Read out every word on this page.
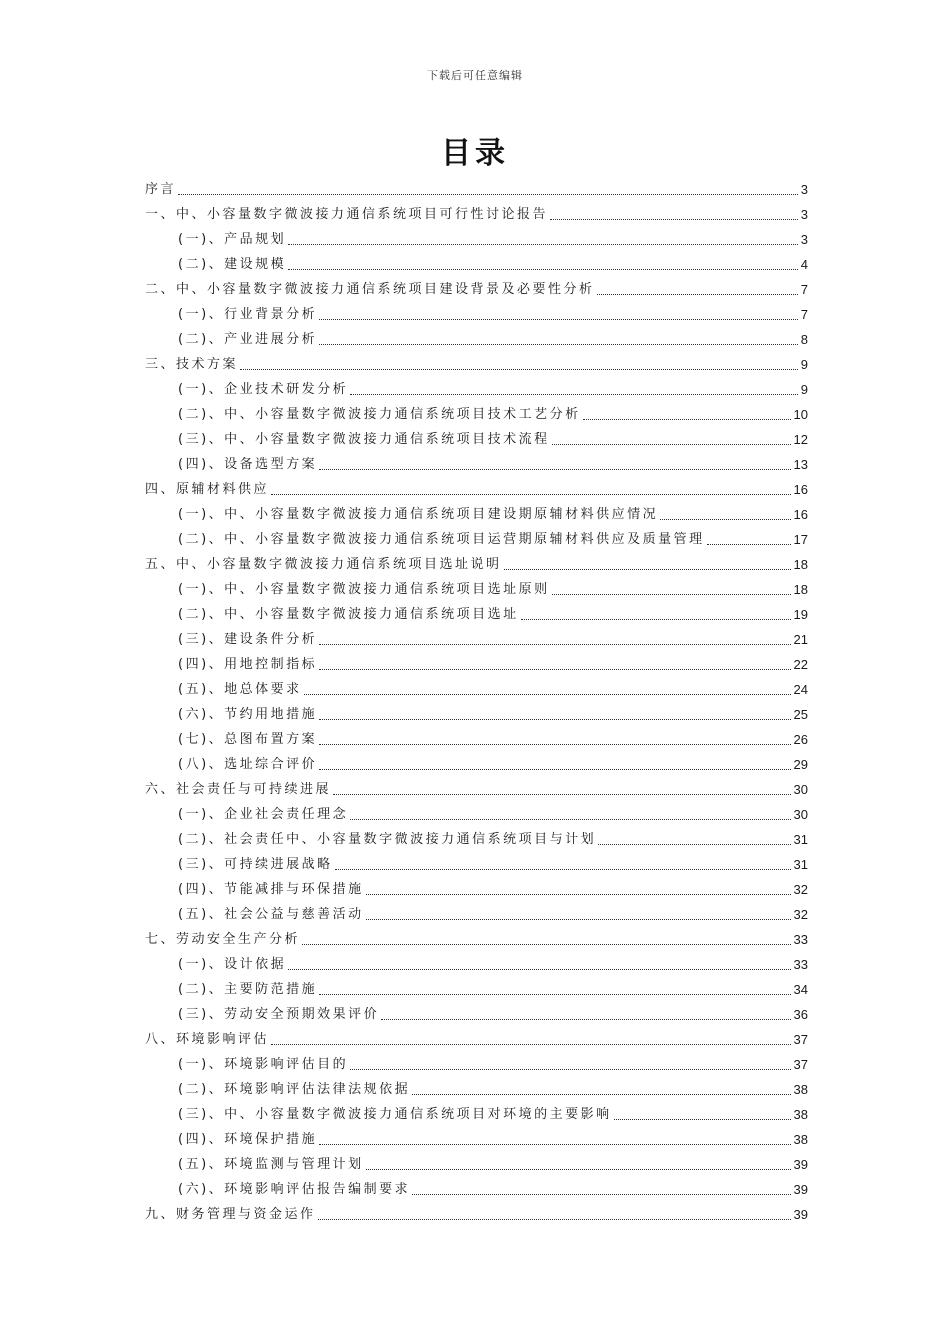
下载后可任意编辑
目录
序言	3
一、中、小容量数字微波接力通信系统项目可行性讨论报告	3
(一)、产品规划	3
(二)、建设规模	4
二、中、小容量数字微波接力通信系统项目建设背景及必要性分析	7
(一)、行业背景分析	7
(二)、产业进展分析	8
三、技术方案	9
(一)、企业技术研发分析	9
(二)、中、小容量数字微波接力通信系统项目技术工艺分析	10
(三)、中、小容量数字微波接力通信系统项目技术流程	12
(四)、设备选型方案	13
四、原辅材料供应	16
(一)、中、小容量数字微波接力通信系统项目建设期原辅材料供应情况	16
(二)、中、小容量数字微波接力通信系统项目运营期原辅材料供应及质量管理	17
五、中、小容量数字微波接力通信系统项目选址说明	18
(一)、中、小容量数字微波接力通信系统项目选址原则	18
(二)、中、小容量数字微波接力通信系统项目选址	19
(三)、建设条件分析	21
(四)、用地控制指标	22
(五)、地总体要求	24
(六)、节约用地措施	25
(七)、总图布置方案	26
(八)、选址综合评价	29
六、社会责任与可持续进展	30
(一)、企业社会责任理念	30
(二)、社会责任中、小容量数字微波接力通信系统项目与计划	31
(三)、可持续进展战略	31
(四)、节能减排与环保措施	32
(五)、社会公益与慈善活动	32
七、劳动安全生产分析	33
(一)、设计依据	33
(二)、主要防范措施	34
(三)、劳动安全预期效果评价	36
八、环境影响评估	37
(一)、环境影响评估目的	37
(二)、环境影响评估法律法规依据	38
(三)、中、小容量数字微波接力通信系统项目对环境的主要影响	38
(四)、环境保护措施	38
(五)、环境监测与管理计划	39
(六)、环境影响评估报告编制要求	39
九、财务管理与资金运作	39
